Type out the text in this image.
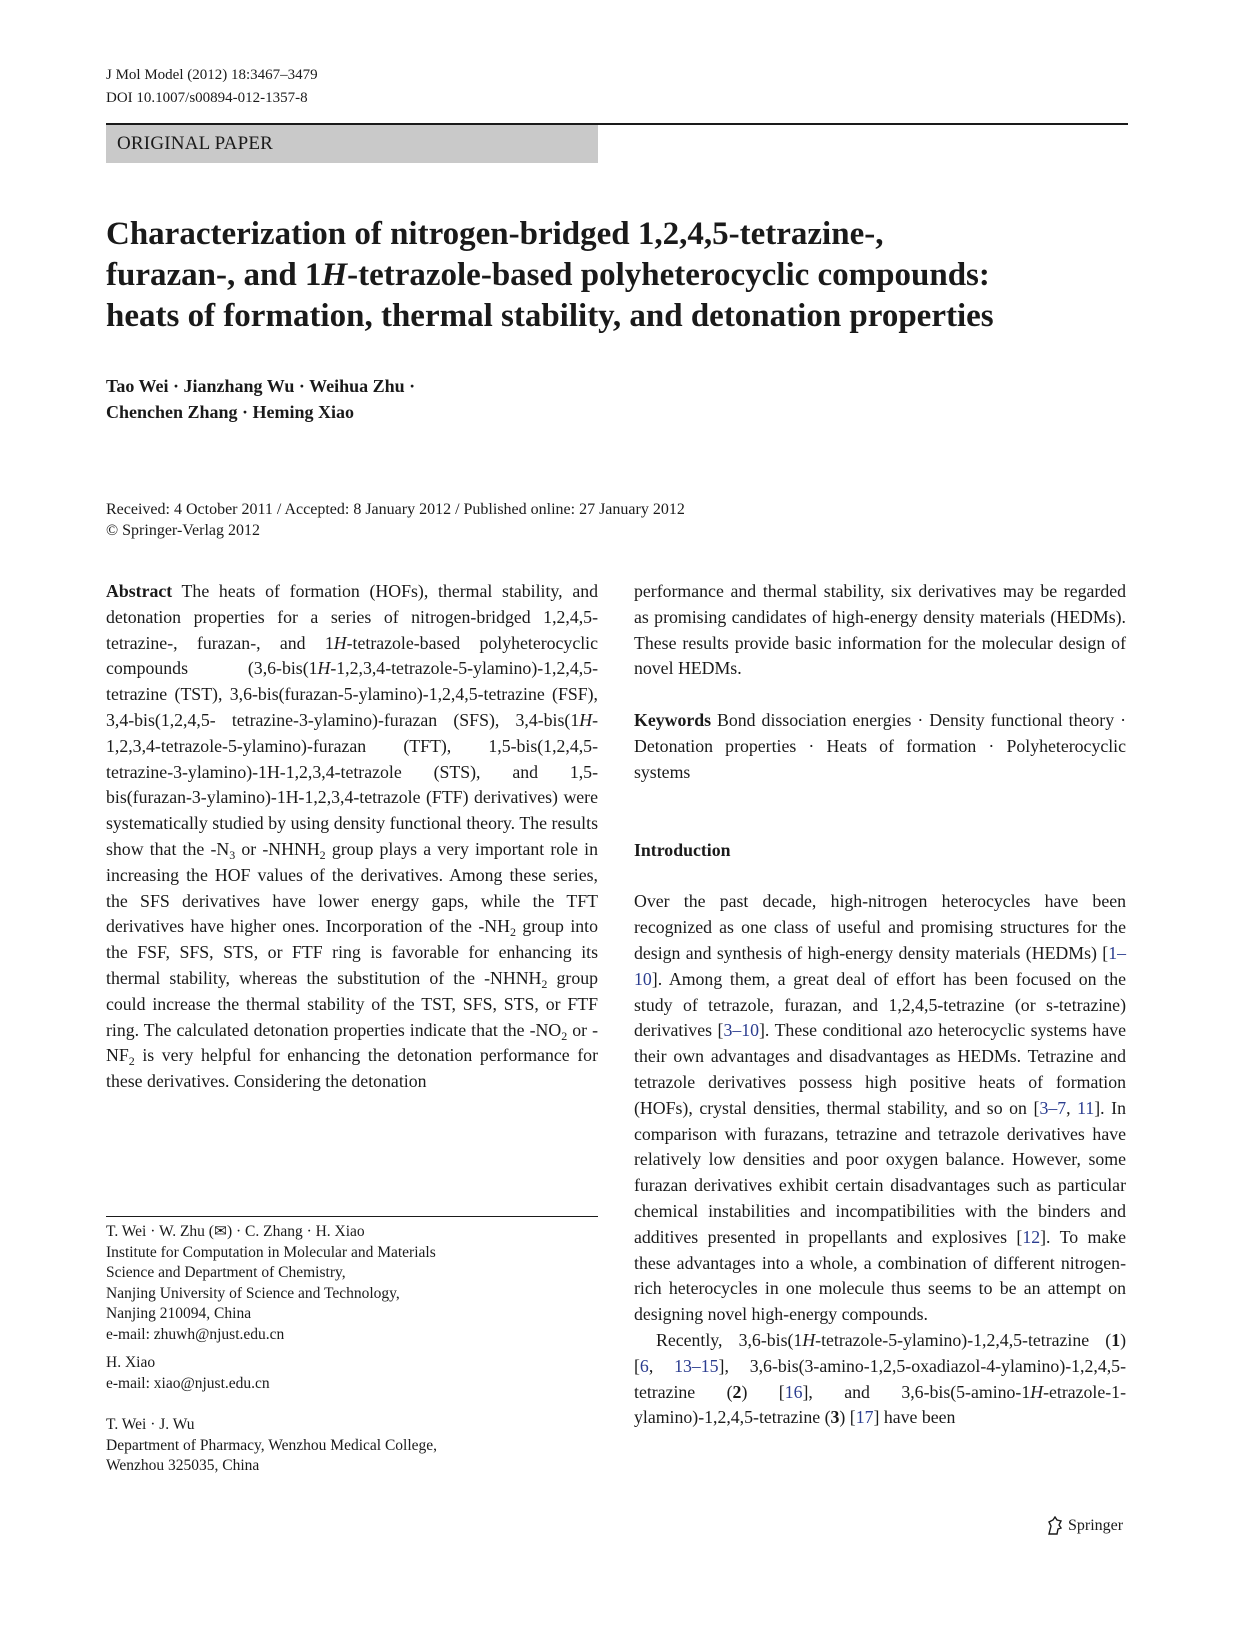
J Mol Model (2012) 18:3467–3479
DOI 10.1007/s00894-012-1357-8
ORIGINAL PAPER
Characterization of nitrogen-bridged 1,2,4,5-tetrazine-,
furazan-, and 1H-tetrazole-based polyheterocyclic compounds:
heats of formation, thermal stability, and detonation properties
Tao Wei · Jianzhang Wu · Weihua Zhu ·
Chenchen Zhang · Heming Xiao
Received: 4 October 2011 / Accepted: 8 January 2012 / Published online: 27 January 2012
© Springer-Verlag 2012

Abstract The heats of formation (HOFs), thermal stability, and detonation properties for a series of nitrogen-bridged 1,2,4,5-tetrazine-, furazan-, and 1H-tetrazole-based polyheterocyclic compounds (3,6-bis(1H-1,2,3,4-tetrazole-5-ylamino)-1,2,4,5- tetrazine (TST), 3,6-bis(furazan-5-ylamino)-1,2,4,5-tetrazine (FSF), 3,4-bis(1,2,4,5- tetrazine-3-ylamino)-furazan (SFS), 3,4-bis(1H-1,2,3,4-tetrazole-5-ylamino)-furazan (TFT), 1,5-bis(1,2,4,5-tetrazine-3-ylamino)-1H-1,2,3,4-tetrazole (STS), and 1,5-bis(furazan-3-ylamino)-1H-1,2,3,4-tetrazole (FTF) derivatives) were systematically studied by using density functional theory. The results show that the $-N_3$ or $-NHNH_2$ group plays a very important role in increasing the HOF values of the derivatives. Among these series, the SFS derivatives have lower energy gaps, while the TFT derivatives have higher ones. Incorporation of the $-NH_2$ group into the FSF, SFS, STS, or FTF ring is favorable for enhancing its thermal stability, whereas the substitution of the $-NHNH_2$ group could increase the thermal stability of the TST, SFS, STS, or FTF ring. The calculated detonation properties indicate that the $-NO_2$ or $-NF_2$ is very helpful for enhancing the detonation performance for these derivatives. Considering the detonation

T. Wei · W. Zhu (✉) · C. Zhang · H. Xiao
Institute for Computation in Molecular and Materials
Science and Department of Chemistry,
Nanjing University of Science and Technology,
Nanjing 210094, China
e-mail: zhuwh@njust.edu.cn
H. Xiao
e-mail: xiao@njust.edu.cn
T. Wei · J. Wu
Department of Pharmacy, Wenzhou Medical College,
Wenzhou 325035, China

performance and thermal stability, six derivatives may be regarded as promising candidates of high-energy density materials (HEDMs). These results provide basic information for the molecular design of novel HEDMs.

Keywords Bond dissociation energies · Density functional theory · Detonation properties · Heats of formation · Polyheterocyclic systems

Introduction

Over the past decade, high-nitrogen heterocycles have been recognized as one class of useful and promising structures for the design and synthesis of high-energy density materials (HEDMs) [1–10]. Among them, a great deal of effort has been focused on the study of tetrazole, furazan, and 1,2,4,5-tetrazine (or s-tetrazine) derivatives [3–10]. These conditional azo heterocyclic systems have their own advantages and disadvantages as HEDMs. Tetrazine and tetrazole derivatives possess high positive heats of formation (HOFs), crystal densities, thermal stability, and so on [3–7, 11]. In comparison with furazans, tetrazine and tetrazole derivatives have relatively low densities and poor oxygen balance. However, some furazan derivatives exhibit certain disadvantages such as particular chemical instabilities and incompatibilities with the binders and additives presented in propellants and explosives [12]. To make these advantages into a whole, a combination of different nitrogen-rich heterocycles in one molecule thus seems to be an attempt on designing novel high-energy compounds.

Recently, 3,6-bis(1H-tetrazole-5-ylamino)-1,2,4,5-tetrazine (1) [6, 13–15], 3,6-bis(3-amino-1,2,5-oxadiazol-4-ylamino)-1,2,4,5-tetrazine (2) [16], and 3,6-bis(5-amino-1H-etrazole-1-ylamino)-1,2,4,5-tetrazine (3) [17] have been

Springer
